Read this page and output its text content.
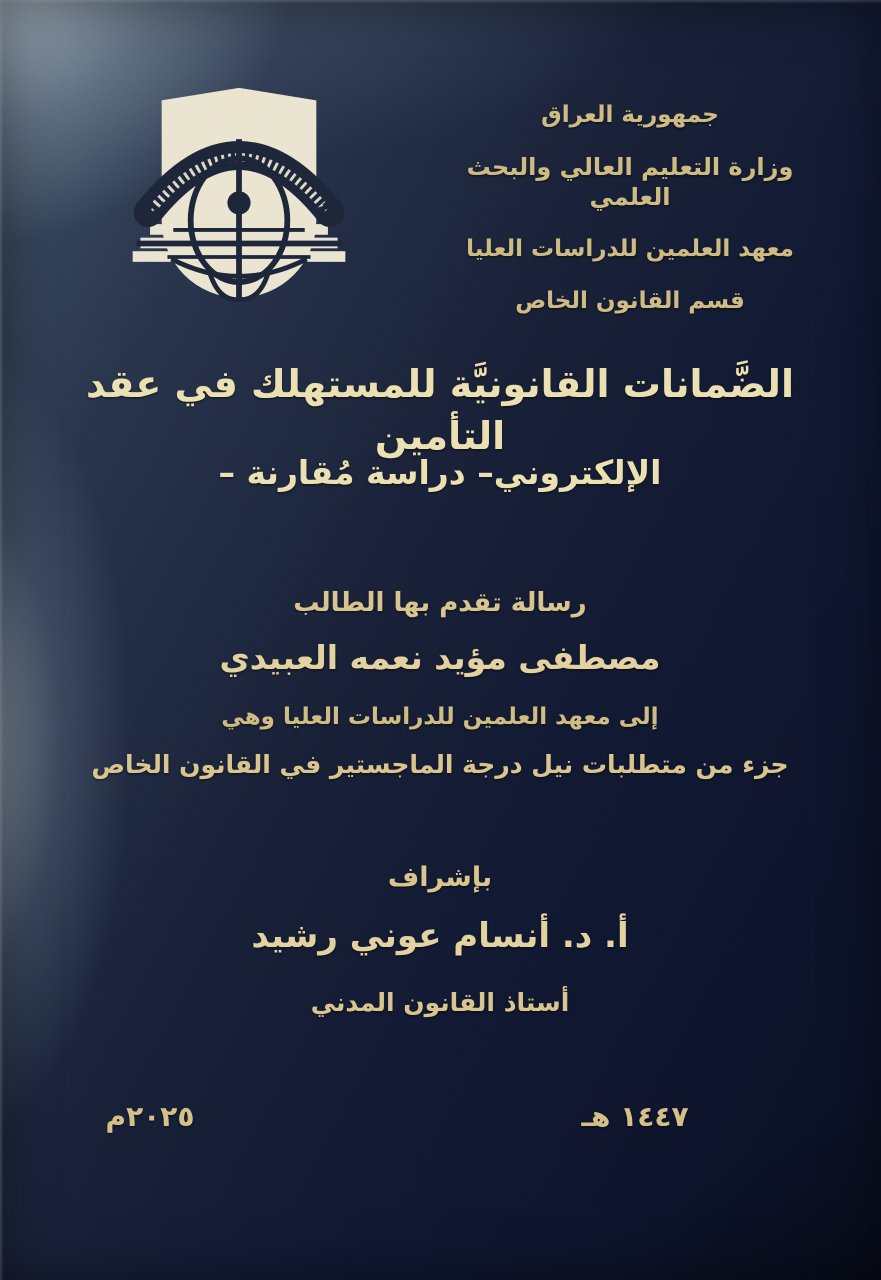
جمهورية العراق
وزارة التعليم العالي والبحث العلمي
معهد العلمين للدراسات العليا
قسم القانون الخاص
الضَّمانات القانونيَّة للمستهلك في عقد التأمين
الإلكتروني– دراسة مُقارنة –
رسالة تقدم بها الطالب
مصطفى مؤيد نعمه العبيدي
إلى معهد العلمين للدراسات العليا وهي
جزء من متطلبات نيل درجة الماجستير في القانون الخاص
بإشراف
أ. د. أنسام عوني رشيد
أستاذ القانون المدني
١٤٤٧ هـ
٢٠٢٥م
